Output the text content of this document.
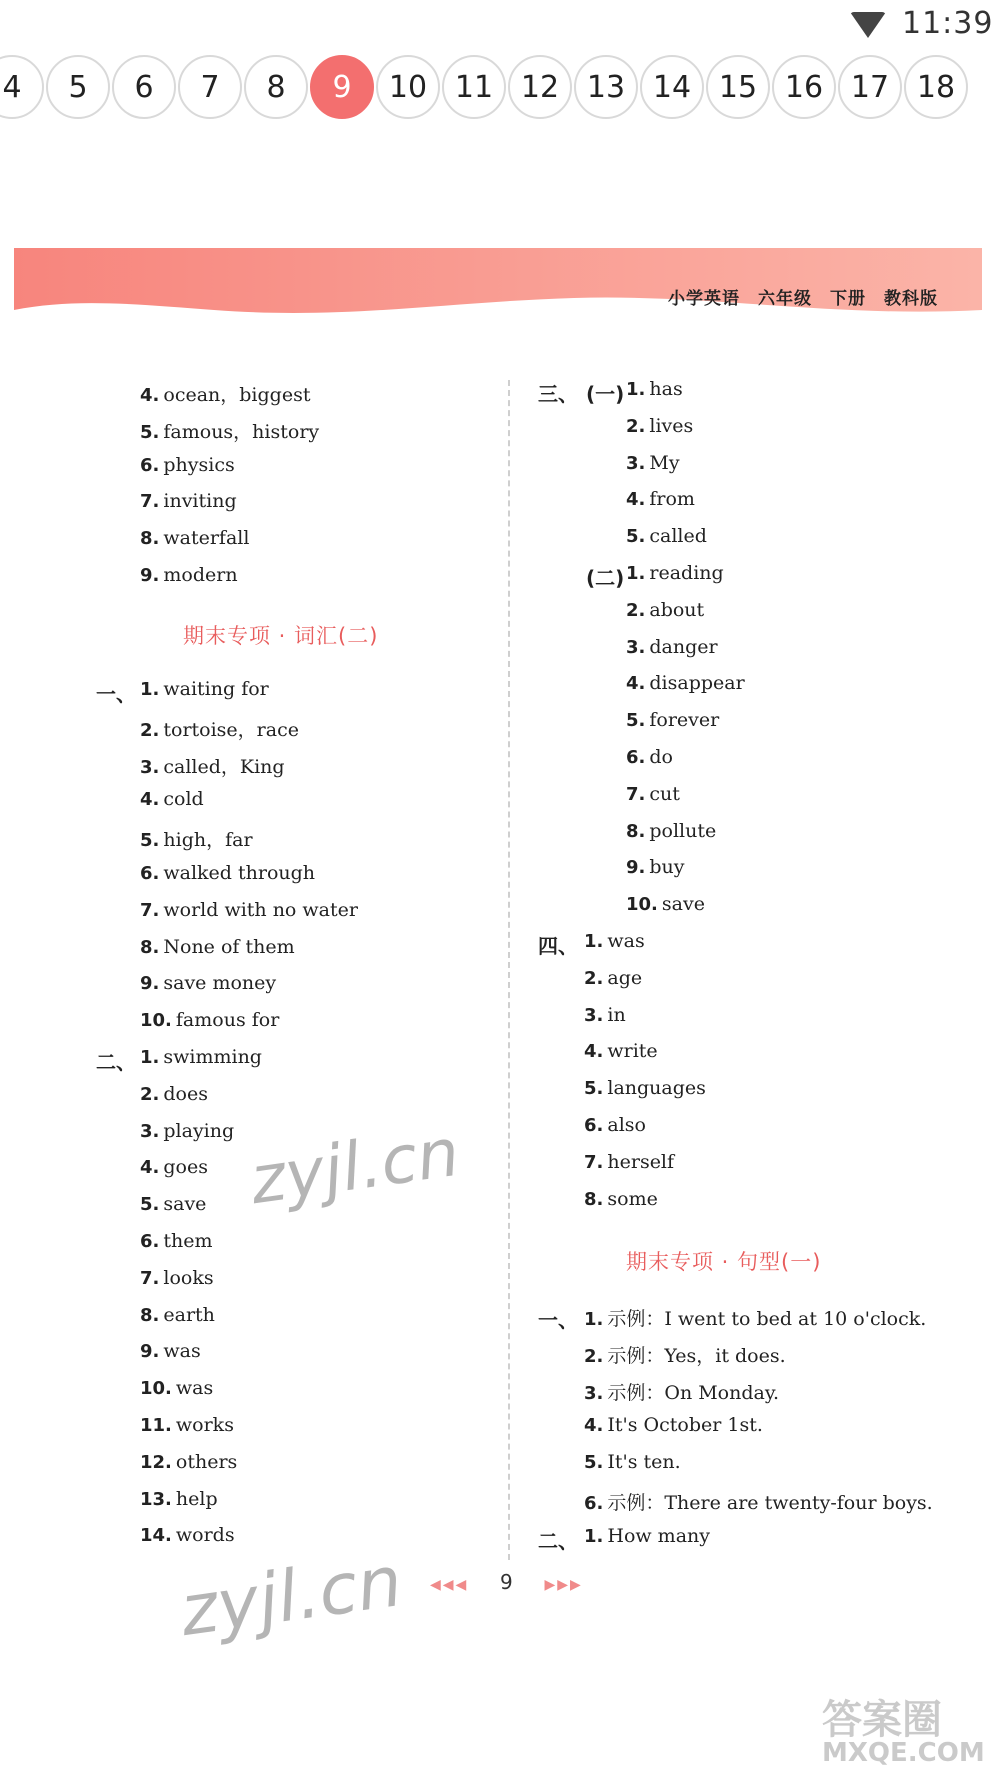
11:39
4	5	6	7	8	9	10 11 12 13 14 15 16 17 18
小学英语　六年级　下册　教科版
4. ocean，biggest
5. famous，history
6. physics
7. inviting
8. waterfall
9. modern
期末专项 · 词汇(二)
一、 1. waiting for
2. tortoise，race
3. called，King
4. cold
5. high，far
6. walked through
7. world with no water
8. None of them
9. save money
10. famous for
二、 1. swimming
2. does
3. playing
4. goes
5. save
6. them
7. looks
8. earth
9. was
10. was
11. works
12. others
13. help
14. words
三、 (一) 1. has
2. lives
3. My
4. from
5. called
(二) 1. reading
2. about
3. danger
4. disappear
5. forever
6. do
7. cut
8. pollute
9. buy
10. save
四、 1. was
2. age
3. in
4. write
5. languages
6. also
7. herself
8. some
期末专项 · 句型(一)
一、 1. 示例：I went to bed at 10 o'clock.
2. 示例：Yes，it does.
3. 示例：On Monday.
4. It's October 1st.
5. It's ten.
6. 示例：There are twenty-four boys.
二、 1. How many
◀◀◀ 9 ▶▶▶
zyjl.cn
zyjl.cn
答案圈
MXQE.COM
